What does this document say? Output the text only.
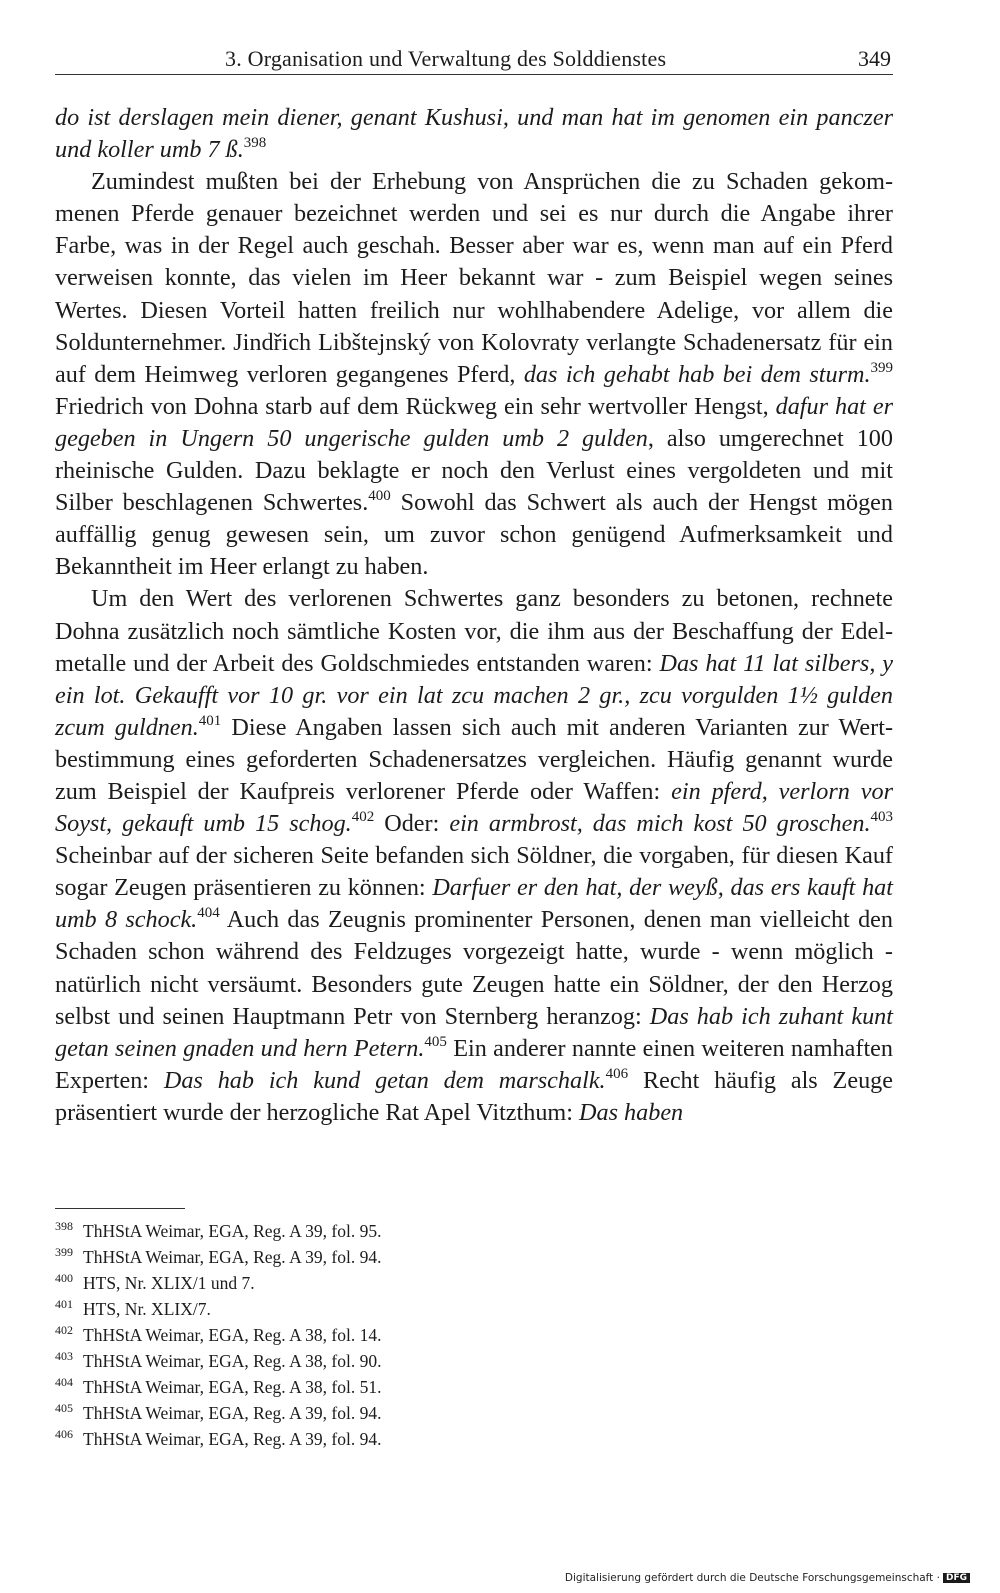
3. Organisation und Verwaltung des Solddienstes	349

do ist derslagen mein diener, genant Kushusi, und man hat im genomen ein panczer und koller umb 7 ß.$^{398}$

Zumindest mußten bei der Erhebung von Ansprüchen die zu Schaden gekommenen Pferde genauer bezeichnet werden und sei es nur durch die Angabe ihrer Farbe, was in der Regel auch geschah. Besser aber war es, wenn man auf ein Pferd verweisen konnte, das vielen im Heer bekannt war - zum Beispiel wegen seines Wertes. Diesen Vorteil hatten freilich nur wohlhabendere Adelige, vor allem die Soldunternehmer. Jindřich Libštejnský von Kolovraty verlangte Schadenersatz für ein auf dem Heimweg verloren gegangenes Pferd, das ich gehabt hab bei dem sturm.$^{399}$ Friedrich von Dohna starb auf dem Rückweg ein sehr wertvoller Hengst, dafur hat er gegeben in Ungern 50 ungerische gulden umb 2 gulden, also umgerechnet 100 rheinische Gulden. Dazu beklagte er noch den Verlust eines vergoldeten und mit Silber beschlagenen Schwertes.$^{400}$ Sowohl das Schwert als auch der Hengst mögen auffällig genug gewesen sein, um zuvor schon genügend Aufmerksamkeit und Bekanntheit im Heer erlangt zu haben.

Um den Wert des verlorenen Schwertes ganz besonders zu betonen, rechnete Dohna zusätzlich noch sämtliche Kosten vor, die ihm aus der Beschaffung der Edelmetalle und der Arbeit des Goldschmiedes entstanden waren: Das hat 11 lat silbers, y ein lot. Gekaufft vor 10 gr. vor ein lat zcu machen 2 gr., zcu vorgulden 1½ gulden zcum guldnen.$^{401}$ Diese Angaben lassen sich auch mit anderen Varianten zur Wertbestimmung eines geforderten Schadenersatzes vergleichen. Häufig genannt wurde zum Beispiel der Kaufpreis verlorener Pferde oder Waffen: ein pferd, verlorn vor Soyst, gekauft umb 15 schog.$^{402}$ Oder: ein armbrost, das mich kost 50 groschen.$^{403}$ Scheinbar auf der sicheren Seite befanden sich Söldner, die vorgaben, für diesen Kauf sogar Zeugen präsentieren zu können: Darfuer er den hat, der weyß, das ers kauft hat umb 8 schock.$^{404}$ Auch das Zeugnis prominenter Personen, denen man vielleicht den Schaden schon während des Feldzuges vorgezeigt hatte, wurde - wenn möglich - natürlich nicht versäumt. Besonders gute Zeugen hatte ein Söldner, der den Herzog selbst und seinen Hauptmann Petr von Sternberg heranzog: Das hab ich zuhant kunt getan seinen gnaden und hern Petern.$^{405}$ Ein anderer nannte einen weiteren namhaften Experten: Das hab ich kund getan dem marschalk.$^{406}$ Recht häufig als Zeuge präsentiert wurde der herzogliche Rat Apel Vitzthum: Das haben

$^{398}$ ThHStA Weimar, EGA, Reg. A 39, fol. 95.
$^{399}$ ThHStA Weimar, EGA, Reg. A 39, fol. 94.
$^{400}$ HTS, Nr. XLIX/1 und 7.
$^{401}$ HTS, Nr. XLIX/7.
$^{402}$ ThHStA Weimar, EGA, Reg. A 38, fol. 14.
$^{403}$ ThHStA Weimar, EGA, Reg. A 38, fol. 90.
$^{404}$ ThHStA Weimar, EGA, Reg. A 38, fol. 51.
$^{405}$ ThHStA Weimar, EGA, Reg. A 39, fol. 94.
$^{406}$ ThHStA Weimar, EGA, Reg. A 39, fol. 94.
Digitalisierung gefördert durch die Deutsche Forschungsgemeinschaft · DFG
